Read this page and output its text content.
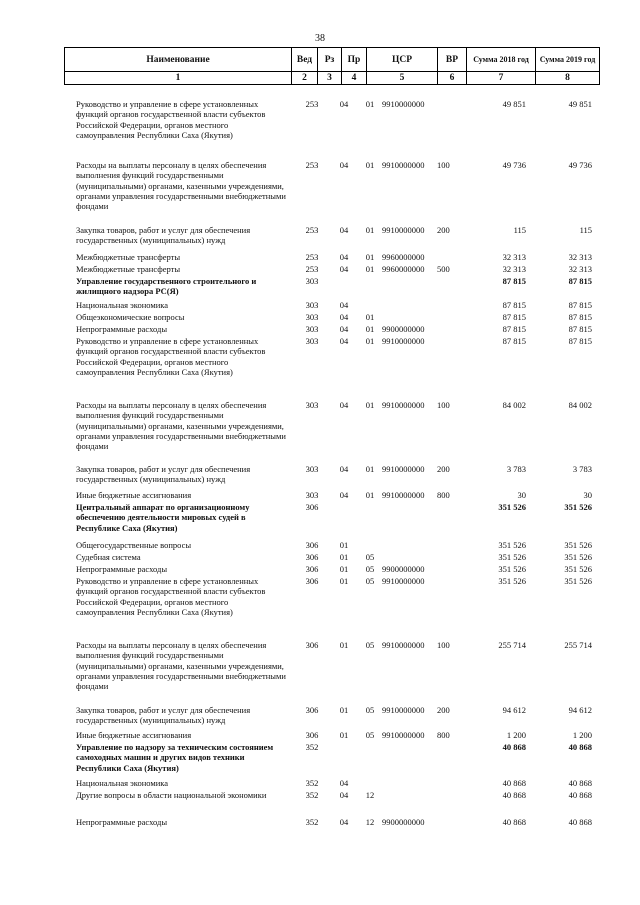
38
Наименование	Вед	Рз	Пр	ЦСР	ВР	Сумма 2018 год	Сумма 2019 год
1	2	3	4	5	6	7	8
Руководство и управление в сфере установленных функций органов государственной власти субъектов Российской Федерации, органов местного самоуправления Республики Саха (Якутия)
253	04	01 9910000000	49 851	49 851
Расходы на выплаты персоналу в целях обеспечения выполнения функций государственными (муниципальными) органами, казенными учреждениями, органами управления государственными внебюджетными фондами
253	04	01 9910000000	100	49 736	49 736
Закупка товаров, работ и услуг для обеспечения государственных (муниципальных) нужд
253	04	01 9910000000	200	115	115
Межбюджетные трансферты	253	04	01 9960000000	32 313	32 313
Межбюджетные трансферты	253	04	01 9960000000	500	32 313	32 313
Управление государственного строительного и жилищного надзора РС(Я)
303	87 815	87 815
Национальная экономика	303	04	87 815	87 815
Общеэкономические вопросы	303	04	01	87 815	87 815
Непрограммные расходы	303	04	01 9900000000	87 815	87 815
Руководство и управление в сфере установленных функций органов государственной власти субъектов Российской Федерации, органов местного самоуправления Республики Саха (Якутия)
303	04	01 9910000000	87 815	87 815
Расходы на выплаты персоналу в целях обеспечения выполнения функций государственными (муниципальными) органами, казенными учреждениями, органами управления государственными внебюджетными фондами
303	04	01 9910000000	100	84 002	84 002
Закупка товаров, работ и услуг для обеспечения государственных (муниципальных) нужд
303	04	01 9910000000	200	3 783	3 783
Иные бюджетные ассигнования	303	04	01 9910000000	800	30	30
Центральный аппарат по организационному обеспечению деятельности мировых судей в Республике Саха (Якутия)
306	351 526	351 526
Общегосударственные вопросы	306	01	351 526	351 526
Судебная система	306	01	05	351 526	351 526
Непрограммные расходы	306	01	05 9900000000	351 526	351 526
Руководство и управление в сфере установленных функций органов государственной власти субъектов Российской Федерации, органов местного самоуправления Республики Саха (Якутия)
306	01	05 9910000000	351 526	351 526
Расходы на выплаты персоналу в целях обеспечения выполнения функций государственными (муниципальными) органами, казенными учреждениями, органами управления государственными внебюджетными фондами
306	01	05 9910000000	100	255 714	255 714
Закупка товаров, работ и услуг для обеспечения государственных (муниципальных) нужд
306	01	05 9910000000	200	94 612	94 612
Иные бюджетные ассигнования	306	01	05 9910000000	800	1 200	1 200
Управление по надзору за техническим состоянием самоходных машин и других видов техники Республики Саха (Якутия)
352	40 868	40 868
Национальная экономика	352	04	40 868	40 868
Другие вопросы в области национальной экономики	352	04	12	40 868	40 868
Непрограммные расходы	352	04	12 9900000000	40 868	40 868
